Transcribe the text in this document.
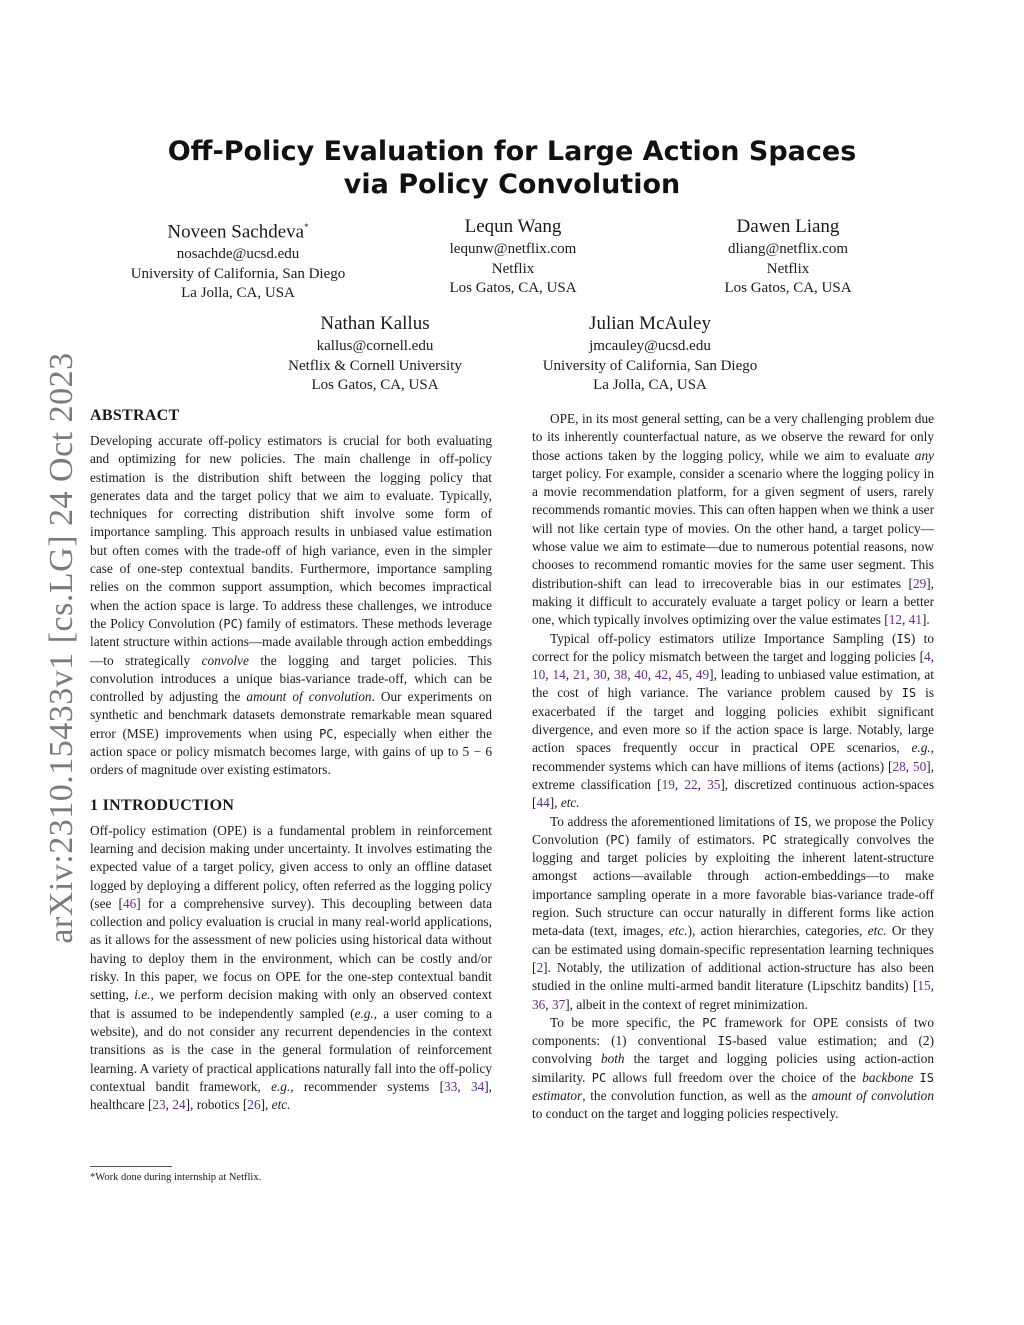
arXiv:2310.15433v1 [cs.LG] 24 Oct 2023
Off-Policy Evaluation for Large Action Spaces
via Policy Convolution
Noveen Sachdeva*
nosachde@ucsd.edu
University of California, San Diego
La Jolla, CA, USA
Lequn Wang
lequnw@netflix.com
Netflix
Los Gatos, CA, USA
Dawen Liang
dliang@netflix.com
Netflix
Los Gatos, CA, USA
Nathan Kallus
kallus@cornell.edu
Netflix & Cornell University
Los Gatos, CA, USA
Julian McAuley
jmcauley@ucsd.edu
University of California, San Diego
La Jolla, CA, USA
ABSTRACT

Developing accurate off-policy estimators is crucial for both evaluating and optimizing for new policies. The main challenge in off-policy estimation is the distribution shift between the logging policy that generates data and the target policy that we aim to evaluate. Typically, techniques for correcting distribution shift involve some form of importance sampling. This approach results in unbiased value estimation but often comes with the trade-off of high variance, even in the simpler case of one-step contextual bandits. Furthermore, importance sampling relies on the common support assumption, which becomes impractical when the action space is large. To address these challenges, we introduce the Policy Convolution (PC) family of estimators. These methods leverage latent structure within actions—made available through action embeddings—to strategically convolve the logging and target policies. This convolution introduces a unique bias-variance trade-off, which can be controlled by adjusting the amount of convolution. Our experiments on synthetic and benchmark datasets demonstrate remarkable mean squared error (MSE) improvements when using PC, especially when either the action space or policy mismatch becomes large, with gains of up to 5 − 6 orders of magnitude over existing estimators.

1 INTRODUCTION

Off-policy estimation (OPE) is a fundamental problem in reinforcement learning and decision making under uncertainty. It involves estimating the expected value of a target policy, given access to only an offline dataset logged by deploying a different policy, often referred as the logging policy (see [46] for a comprehensive survey). This decoupling between data collection and policy evaluation is crucial in many real-world applications, as it allows for the assessment of new policies using historical data without having to deploy them in the environment, which can be costly and/or risky. In this paper, we focus on OPE for the one-step contextual bandit setting, i.e., we perform decision making with only an observed context that is assumed to be independently sampled (e.g., a user coming to a website), and do not consider any recurrent dependencies in the context transitions as is the case in the general formulation of reinforcement learning. A variety of practical applications naturally fall into the off-policy contextual bandit framework, e.g., recommender systems [33, 34], healthcare [23, 24], robotics [26], etc.

*Work done during internship at Netflix.

OPE, in its most general setting, can be a very challenging problem due to its inherently counterfactual nature, as we observe the reward for only those actions taken by the logging policy, while we aim to evaluate any target policy. For example, consider a scenario where the logging policy in a movie recommendation platform, for a given segment of users, rarely recommends romantic movies. This can often happen when we think a user will not like certain type of movies. On the other hand, a target policy—whose value we aim to estimate—due to numerous potential reasons, now chooses to recommend romantic movies for the same user segment. This distribution-shift can lead to irrecoverable bias in our estimates [29], making it difficult to accurately evaluate a target policy or learn a better one, which typically involves optimizing over the value estimates [12, 41].

Typical off-policy estimators utilize Importance Sampling (IS) to correct for the policy mismatch between the target and logging policies [4, 10, 14, 21, 30, 38, 40, 42, 45, 49], leading to unbiased value estimation, at the cost of high variance. The variance problem caused by IS is exacerbated if the target and logging policies exhibit significant divergence, and even more so if the action space is large. Notably, large action spaces frequently occur in practical OPE scenarios, e.g., recommender systems which can have millions of items (actions) [28, 50], extreme classification [19, 22, 35], discretized continuous action-spaces [44], etc.

To address the aforementioned limitations of IS, we propose the Policy Convolution (PC) family of estimators. PC strategically convolves the logging and target policies by exploiting the inherent latent-structure amongst actions—available through action-embeddings—to make importance sampling operate in a more favorable bias-variance trade-off region. Such structure can occur naturally in different forms like action meta-data (text, images, etc.), action hierarchies, categories, etc. Or they can be estimated using domain-specific representation learning techniques [2]. Notably, the utilization of additional action-structure has also been studied in the online multi-armed bandit literature (Lipschitz bandits) [15, 36, 37], albeit in the context of regret minimization.

To be more specific, the PC framework for OPE consists of two components: (1) conventional IS-based value estimation; and (2) convolving both the target and logging policies using action-action similarity. PC allows full freedom over the choice of the backbone IS estimator, the convolution function, as well as the amount of convolution to conduct on the target and logging policies respectively.
